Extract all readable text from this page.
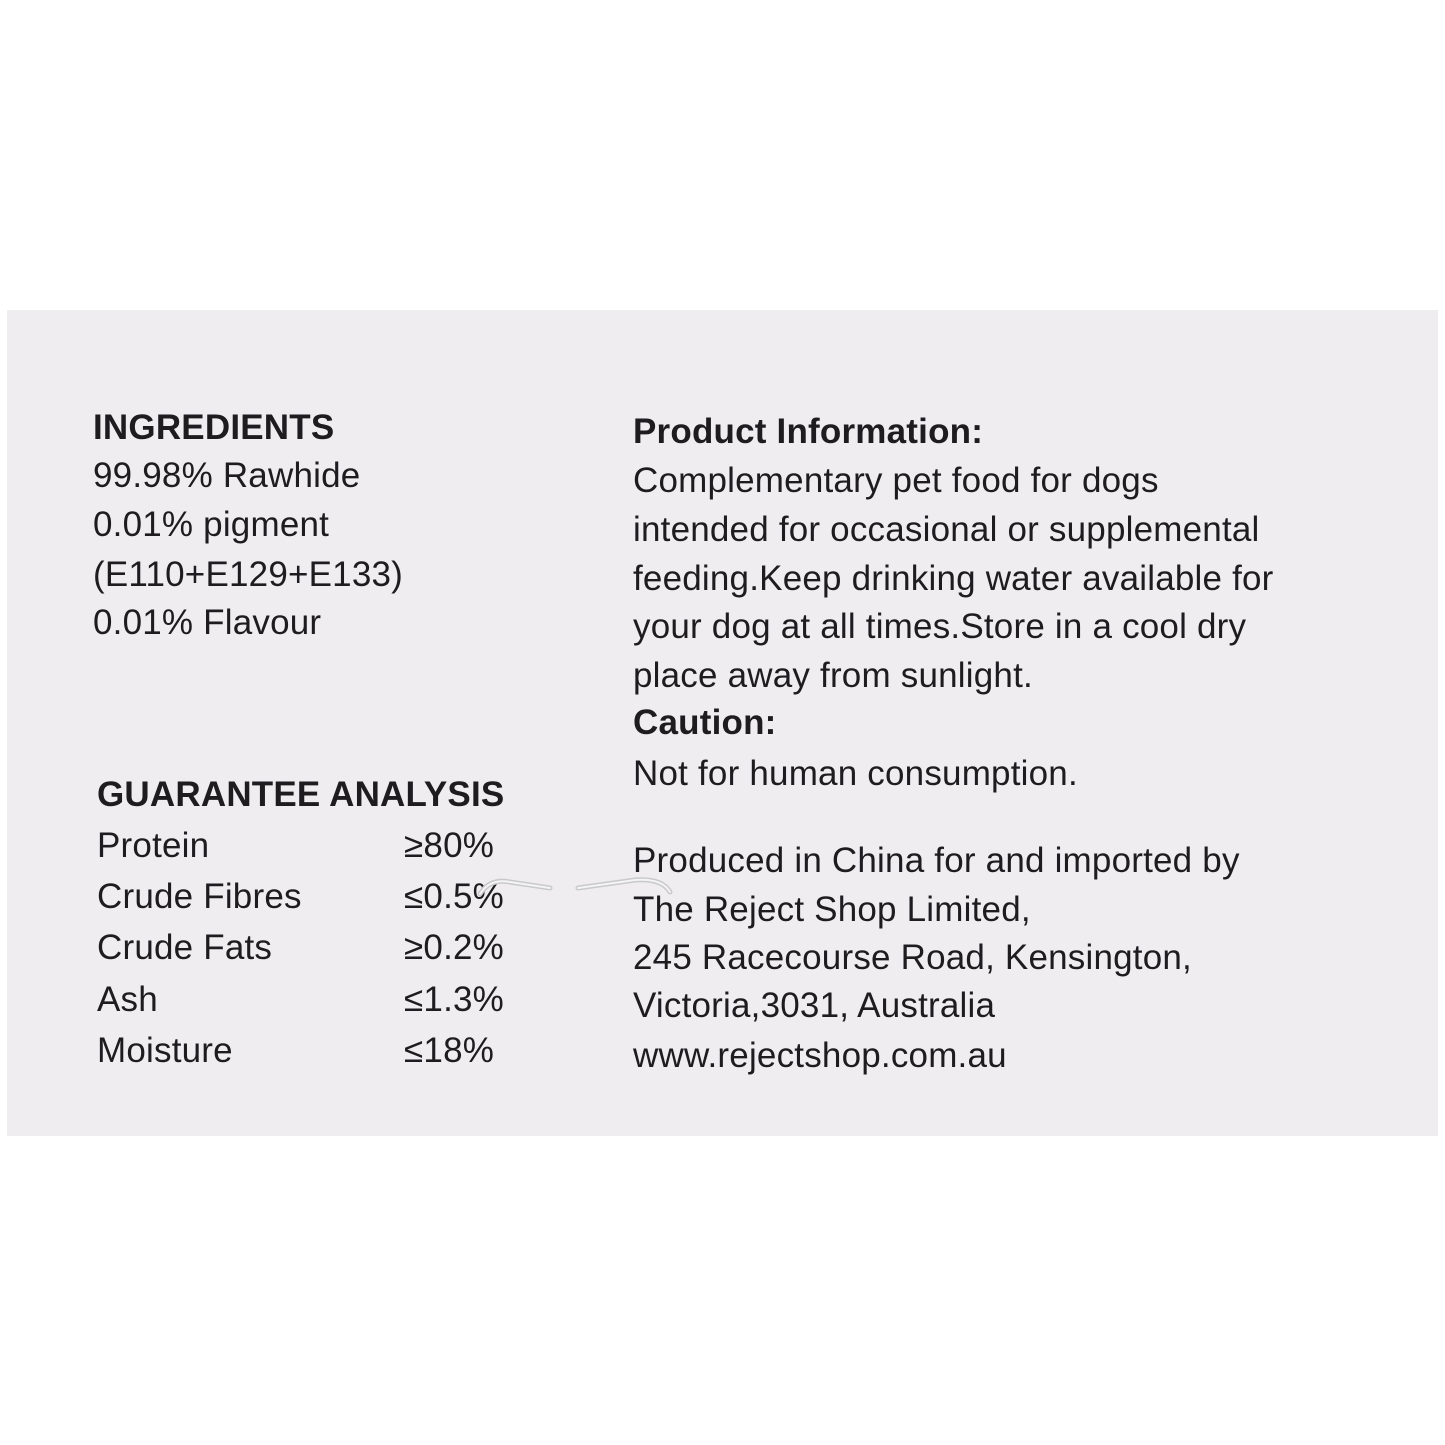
INGREDIENTS
99.98% Rawhide
0.01% pigment
(E110+E129+E133)
0.01% Flavour
GUARANTEE ANALYSIS
Protein	≥80%
Crude Fibres	≤0.5%
Crude Fats	≥0.2%
Ash	≤1.3%
Moisture	≤18%
Product Information:
Complementary pet food for dogs
intended for occasional or supplemental
feeding.Keep drinking water available for
your dog at all times.Store in a cool dry
place away from sunlight.
Caution:
Not for human consumption.
Produced in China for and imported by
The Reject Shop Limited,
245 Racecourse Road, Kensington,
Victoria,3031, Australia
www.rejectshop.com.au
